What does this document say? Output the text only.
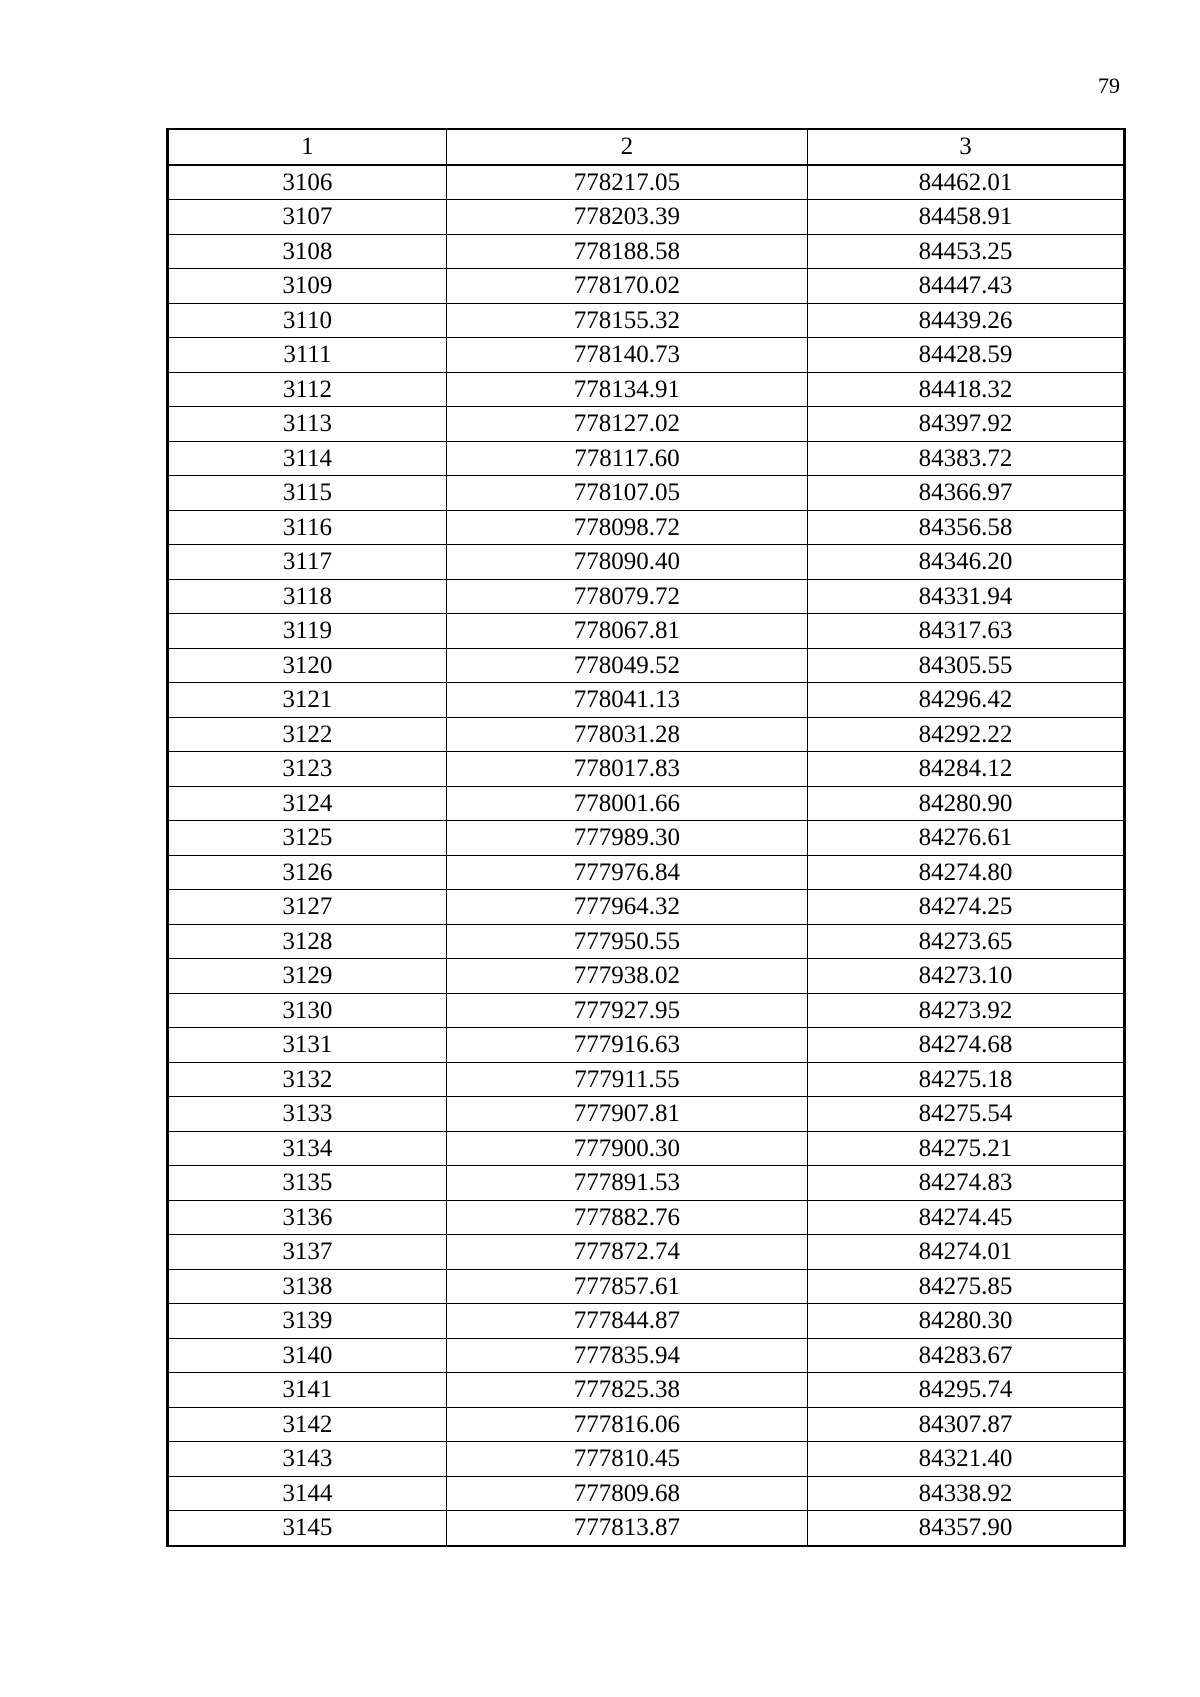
79
1	2	3
3106	778217.05	84462.01
3107	778203.39	84458.91
3108	778188.58	84453.25
3109	778170.02	84447.43
3110	778155.32	84439.26
3111	778140.73	84428.59
3112	778134.91	84418.32
3113	778127.02	84397.92
3114	778117.60	84383.72
3115	778107.05	84366.97
3116	778098.72	84356.58
3117	778090.40	84346.20
3118	778079.72	84331.94
3119	778067.81	84317.63
3120	778049.52	84305.55
3121	778041.13	84296.42
3122	778031.28	84292.22
3123	778017.83	84284.12
3124	778001.66	84280.90
3125	777989.30	84276.61
3126	777976.84	84274.80
3127	777964.32	84274.25
3128	777950.55	84273.65
3129	777938.02	84273.10
3130	777927.95	84273.92
3131	777916.63	84274.68
3132	777911.55	84275.18
3133	777907.81	84275.54
3134	777900.30	84275.21
3135	777891.53	84274.83
3136	777882.76	84274.45
3137	777872.74	84274.01
3138	777857.61	84275.85
3139	777844.87	84280.30
3140	777835.94	84283.67
3141	777825.38	84295.74
3142	777816.06	84307.87
3143	777810.45	84321.40
3144	777809.68	84338.92
3145	777813.87	84357.90
